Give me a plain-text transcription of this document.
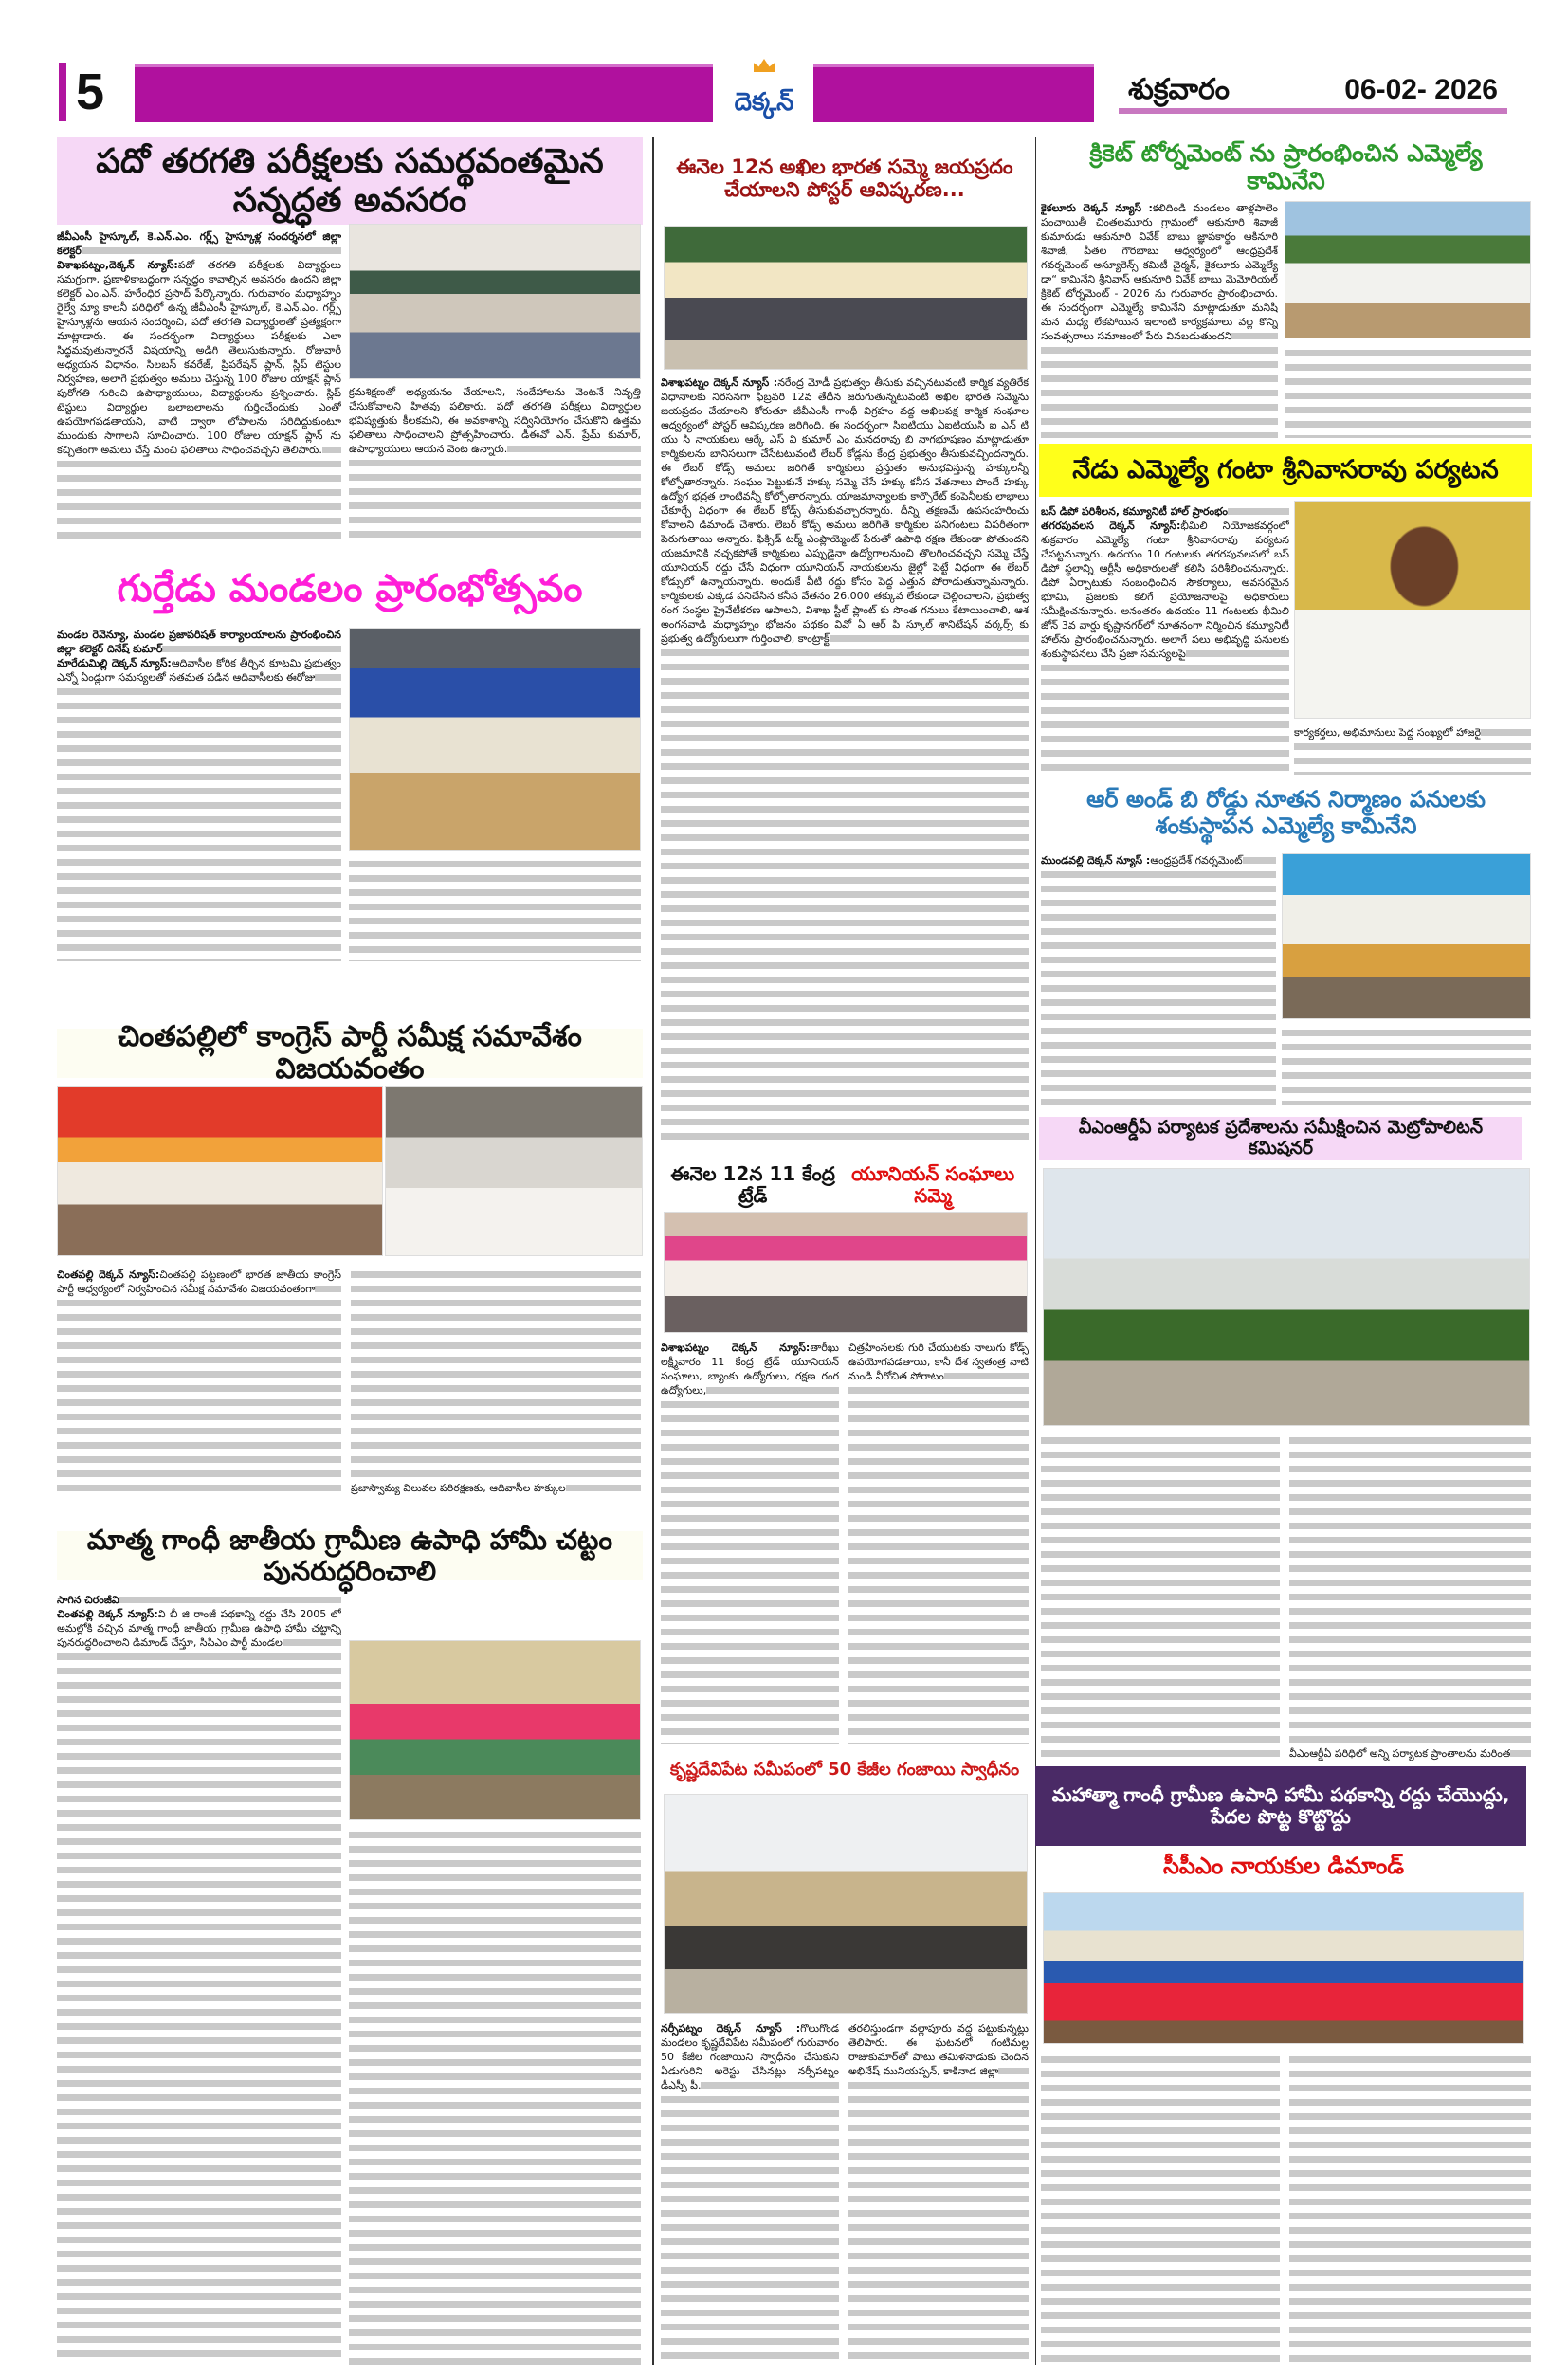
5	దెక్కన్	శుక్రవారం	06-02- 2026
పదో తరగతి పరీక్షలకు సమర్థవంతమైన సన్నద్ధత అవసరం
జీవీఎంసీ హైస్కూల్, కె.ఎన్.ఎం. గర్ల్స్ హైస్కూళ్ల సందర్శనలో జిల్లా కలెక్టర్
విశాఖపట్నం,దెక్కన్ న్యూస్:పదో తరగతి పరీక్షలకు విద్యార్థులు సమగ్రంగా, ప్రణాళికాబద్ధంగా సన్నద్ధం కావాల్సిన అవసరం ఉందని జిల్లా కలెక్టర్ ఎం.ఎన్. హరేంధిర ప్రసాద్ పేర్కొన్నారు. గురువారం మధ్యాహ్నం రైల్వే న్యూ కాలనీ పరిధిలో ఉన్న జీవీఎంసీ హైస్కూల్, కె.ఎన్.ఎం. గర్ల్స్ హైస్కూళ్లను ఆయన సందర్శించి, పదో తరగతి విద్యార్థులతో ప్రత్యక్షంగా మాట్లాడారు. ఈ సందర్భంగా విద్యార్థులు పరీక్షలకు ఎలా సిద్ధమవుతున్నారనే విషయాన్ని అడిగి తెలుసుకున్నారు. రోజువారీ అధ్యయన విధానం, సిలబస్ కవరేజ్, ప్రిపరేషన్ ప్లాన్, స్లిప్ టెస్టుల నిర్వహణ, అలాగే ప్రభుత్వం అమలు చేస్తున్న 100 రోజుల యాక్షన్ ప్లాన్ పురోగతి గురించి ఉపాధ్యాయులు, విద్యార్థులను ప్రశ్నించారు. స్లిప్ టెస్టులు విద్యార్థుల బలాబలాలను గుర్తించేందుకు ఎంతో ఉపయోగపడతాయని, వాటి ద్వారా లోపాలను సరిదిద్దుకుంటూ ముందుకు సాగాలని సూచించారు. 100 రోజుల యాక్షన్ ప్లాన్ ను కచ్చితంగా అమలు చేస్తే మంచి ఫలితాలు సాధించవచ్చని తెలిపారు.
క్రమశిక్షణతో అధ్యయనం చేయాలని, సందేహాలను వెంటనే నివృత్తి చేసుకోవాలని హితవు పలికారు. పదో తరగతి పరీక్షలు విద్యార్థుల భవిష్యత్తుకు కీలకమని, ఈ అవకాశాన్ని సద్వినియోగం చేసుకొని ఉత్తమ ఫలితాలు సాధించాలని ప్రోత్సహించారు. డీఈవో ఎన్. ప్రేమ్ కుమార్, ఉపాధ్యాయులు ఆయన వెంట ఉన్నారు.
గుర్తేడు మండలం ప్రారంభోత్సవం
మండల రెవెన్యూ, మండల ప్రజాపరిషత్ కార్యాలయాలను ప్రారంభించిన జిల్లా కలెక్టర్ దినేష్ కుమార్
మారేడుమిల్లి దెక్కన్ న్యూస్:ఆదివాసీల కోరిక తీర్చిన కూటమి ప్రభుత్వం ఎన్నో ఏండ్లుగా సమస్యలతో సతమత పడిన ఆదివాసీలకు ఈరోజు
చింతపల్లిలో కాంగ్రెస్ పార్టీ సమీక్ష సమావేశం విజయవంతం
చింతపల్లి దెక్కన్ న్యూస్:చింతపల్లి పట్టణంలో భారత జాతీయ కాంగ్రెస్ పార్టీ ఆధ్వర్యంలో నిర్వహించిన సమీక్ష సమావేశం విజయవంతంగా
ప్రజాస్వామ్య విలువల పరిరక్షణకు, ఆదివాసీల హక్కుల
మాత్మ గాంధీ జాతీయ గ్రామీణ ఉపాధి హామీ చట్టం పునరుద్ధరించాలి
సాగిన చిరంజీవి
చింతపల్లి దెక్కన్ న్యూస్:వి బీ జి రాంజీ పథకాన్ని రద్దు చేసి 2005 లో అమల్లోకి వచ్చిన మాత్మ గాంధీ జాతీయ గ్రామీణ ఉపాధి హామీ చట్టాన్ని పునరుద్ధరించాలని డిమాండ్ చేస్తూ, సిపిఎం పార్టీ మండల
ఈనెల 12న అఖిల భారత సమ్మె జయప్రదం చేయాలని పోస్టర్ ఆవిష్కరణ...
విశాఖపట్నం దెక్కన్ న్యూస్ :నరేంద్ర మోడీ ప్రభుత్వం తీసుకు వచ్చినటువంటి కార్మిక వ్యతిరేక విధానాలకు నిరసనగా ఫిబ్రవరి 12వ తేదీన జరుగుతున్నటువంటి అఖిల భారత సమ్మెను జయప్రదం చేయాలని కోరుతూ జీవీఎంసీ గాంధీ విగ్రహం వద్ద అఖిలపక్ష కార్మిక సంఘాల ఆధ్వర్యంలో పోస్టర్ ఆవిష్కరణ జరిగింది. ఈ సందర్భంగా సిఐటియు ఏఐటియుసి ఐ ఎన్ టి యు సి నాయకులు ఆర్కే ఎస్ వి కుమార్ ఎం మనదరావు బి నాగభూషణం మాట్లాడుతూ కార్మికులను బానిసలుగా చేసేటటువంటి లేబర్ కోడ్లను కేంద్ర ప్రభుత్వం తీసుకువచ్చిందన్నారు. ఈ లేబర్ కోడ్స్ అమలు జరిగితే కార్మికులు ప్రస్తుతం అనుభవిస్తున్న హక్కులన్నీ కోల్పోతారన్నారు. సంఘం పెట్టుకునే హక్కు సమ్మె చేసే హక్కు కనీస వేతనాలు పొందే హక్కు ఉద్యోగ భద్రత లాంటివన్నీ కోల్పోతారన్నారు. యాజమాన్యాలకు కార్పొరేట్ కంపెనీలకు లాభాలు చేకూర్చే విధంగా ఈ లేబర్ కోడ్స్ తీసుకువచ్చారన్నారు. దీన్ని తక్షణమే ఉపసంహరించు కోవాలని డిమాండ్ చేశారు. లేబర్ కోడ్స్ అమలు జరిగితే కార్మికుల పనిగంటలు విపరీతంగా పెరుగుతాయి అన్నారు. ఫిక్సిడ్ టర్మ్ ఎంప్లాయ్మెంట్ పేరుతో ఉపాధి రక్షణ లేకుండా పోతుందని యజమానికి నచ్చకపోతే కార్మికులు ఎప్పుడైనా ఉద్యోగాలనుంచి తొలగించవచ్చని సమ్మె చేస్తే యూనియన్ రద్దు చేసే విధంగా యూనియన్ నాయకులను జైల్లో పెట్టే విధంగా ఈ లేబర్ కోడ్సులో ఉన్నాయన్నారు. అందుకే వీటి రద్దు కోసం పెద్ద ఎత్తున పోరాడుతున్నామన్నారు. కార్మికులకు ఎక్కడ పనిచేసిన కనీస వేతనం 26,000 తక్కువ లేకుండా చెల్లించాలని, ప్రభుత్వ రంగ సంస్థల ప్రైవేటీకరణ ఆపాలని, విశాఖ స్టీల్ ప్లాంట్ కు సొంత గనులు కేటాయించాలి, ఆశ అంగనవాడి మధ్యాహ్నం భోజనం పథకం వివో ఏ ఆర్ పి స్కూల్ శానిటేషన్ వర్కర్స్ కు ప్రభుత్వ ఉద్యోగులుగా గుర్తించాలి, కాంట్రాక్ట్
ఈనెల 12న 11 కేంద్ర ట్రేడ్
యూనియన్ సంఘాలు సమ్మె
విశాఖపట్నం దెక్కన్ న్యూస్:తారీఖు లక్ష్మీవారం 11 కేంద్ర ట్రేడ్ యూనియన్ సంఘాలు, బ్యాంకు ఉద్యోగులు, రక్షణ రంగ ఉద్యోగులు,
చిత్రహింసలకు గురి చేయుటకు నాలుగు కోడ్స్ ఉపయోగపడతాయి, కానీ దేశ స్వతంత్ర నాటి నుండి వీరోచిత పోరాటం
కృష్ణదేవిపేట సమీపంలో 50 కేజీల గంజాయి స్వాధీనం
నర్సీపట్నం దెక్కన్ న్యూస్ :గొలుగొండ మండలం కృష్ణదేవిపేట సమీపంలో గురువారం 50 కేజీల గంజాయిని స్వాధీనం చేసుకుని ఏడుగురిని అరెస్టు చేసినట్లు నర్సీపట్నం డీఎస్పీ పీ.
తరలిస్తుండగా వల్లాపూరు వద్ద పట్టుకున్నట్లు తెలిపారు. ఈ ఘటనలో గంటిమల్ల రాజుకుమార్‌తో పాటు తమిళనాడుకు చెందిన అభినేష్ మునియప్పన్, కాకినాడ జిల్లా
క్రికెట్ టోర్నమెంట్ ను ప్రారంభించిన ఎమ్మెల్యే కామినేని
కైకలూరు దెక్కన్ న్యూస్ :కలిదిండి మండలం తాళ్లపాలెం పంచాయితీ చింతలమూరు గ్రామంలో ఆకునూరి శివాజీ కుమారుడు ఆకునూరి వివేక్ బాబు జ్ఞాపకార్థం ఆకినూరి శివాజీ, పీతల గౌరబాబు ఆధ్వర్యంలో ఆంధ్రప్రదేశ్ గవర్నమెంట్ అస్యూరెన్స్ కమిటీ చైర్మన్, కైకలూరు ఎమ్మెల్యే డా“ కామినేని శ్రీనివాస్ ఆకునూరి వివేక్ బాబు మెమోరియల్ క్రికెట్ టోర్నమెంట్ - 2026 ను గురువారం ప్రారంభించారు. ఈ సందర్భంగా ఎమ్మెల్యే కామినేని మాట్లాడుతూ మనిషి మన మధ్య లేకపోయిన ఇలాంటి కార్యక్రమాలు వల్ల కొన్ని సంవత్సరాలు సమాజంలో పేరు వినబడుతుందని
నేడు ఎమ్మెల్యే గంటా శ్రీనివాసరావు పర్యటన
బస్ డిపో పరిశీలన, కమ్యూనిటీ హాల్ ప్రారంభం
తగరపువలస దెక్కన్ న్యూస్:భీమిలి నియోజకవర్గంలో శుక్రవారం ఎమ్మెల్యే గంటా శ్రీనివాసరావు పర్యటన చేపట్టనున్నారు. ఉదయం 10 గంటలకు తగరపువలసలో బస్ డిపో స్థలాన్ని ఆర్టీసీ అధికారులతో కలిసి పరిశీలించనున్నారు. డిపో ఏర్పాటుకు సంబంధించిన సౌకర్యాలు, అవసరమైన భూమి, ప్రజలకు కలిగే ప్రయోజనాలపై అధికారులు సమీక్షించనున్నారు. అనంతరం ఉదయం 11 గంటలకు భీమిలి జోన్ 3వ వార్డు కృష్ణానగర్‌లో నూతనంగా నిర్మించిన కమ్యూనిటీ హాల్‌ను ప్రారంభించనున్నారు. అలాగే పలు అభివృద్ధి పనులకు శంకుస్థాపనలు చేసి ప్రజా సమస్యలపై
కార్యకర్తలు, అభిమానులు పెద్ద సంఖ్యలో హాజరై
ఆర్ అండ్ బి రోడ్డు నూతన నిర్మాణం పనులకు శంకుస్థాపన ఎమ్మెల్యే కామినేని
ముండవల్లి దెక్కన్ న్యూస్ :ఆంధ్రప్రదేశ్ గవర్నమెంట్
వీఎంఆర్డీఏ పర్యాటక ప్రదేశాలను సమీక్షించిన మెట్రోపాలిటన్ కమిషనర్
వీఎంఆర్డీఏ పరిధిలో అన్ని పర్యాటక ప్రాంతాలను మరింత
మహాత్మా గాంధీ గ్రామీణ ఉపాధి హామీ పథకాన్ని రద్దు చేయొద్దు, పేదల పొట్ట కొట్టొద్దు
సీపీఎం నాయకుల డిమాండ్
